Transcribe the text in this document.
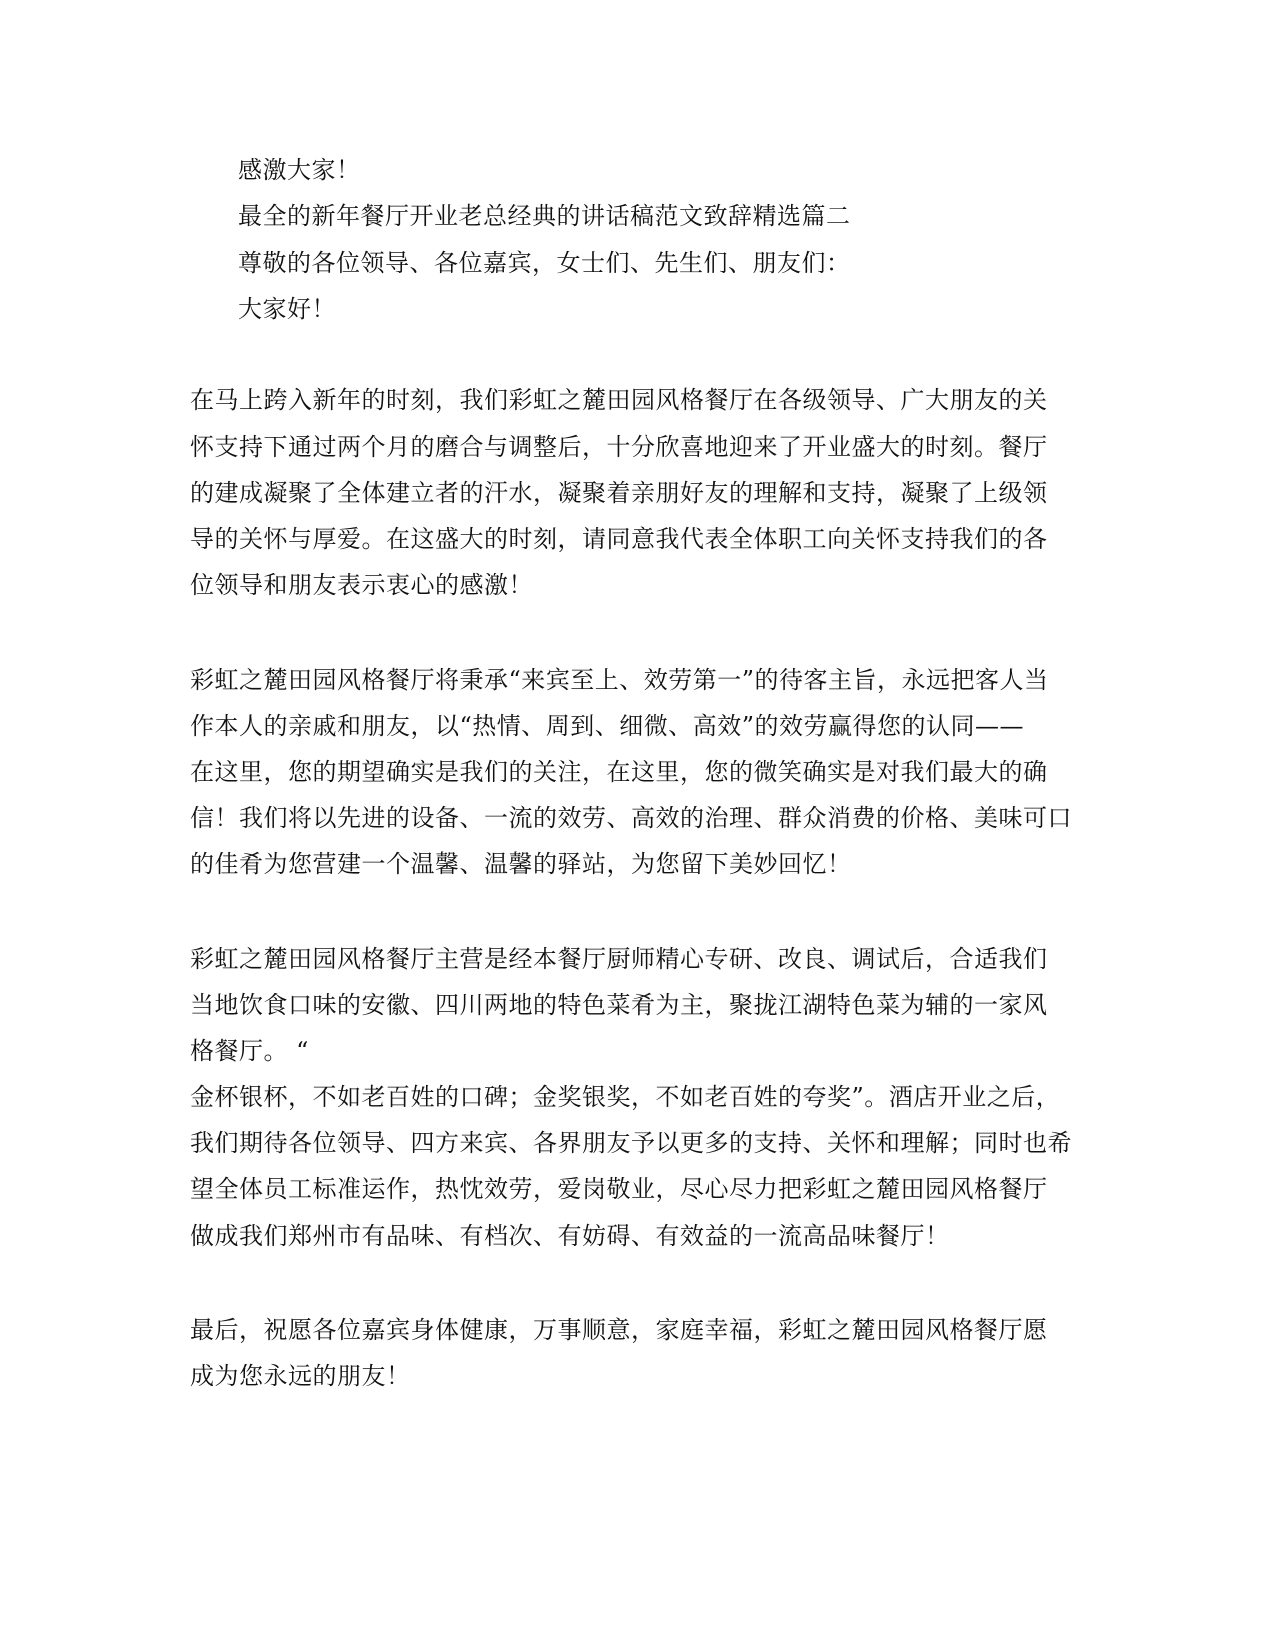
感激大家！
最全的新年餐厅开业老总经典的讲话稿范文致辞精选篇二
尊敬的各位领导、各位嘉宾，女士们、先生们、朋友们：
大家好！
在马上跨入新年的时刻，我们彩虹之麓田园风格餐厅在各级领导、广大朋友的关
怀支持下通过两个月的磨合与调整后，十分欣喜地迎来了开业盛大的时刻。餐厅
的建成凝聚了全体建立者的汗水，凝聚着亲朋好友的理解和支持，凝聚了上级领
导的关怀与厚爱。在这盛大的时刻，请同意我代表全体职工向关怀支持我们的各
位领导和朋友表示衷心的感激！
彩虹之麓田园风格餐厅将秉承“来宾至上、效劳第一”的待客主旨，永远把客人当
作本人的亲戚和朋友，以“热情、周到、细微、高效”的效劳赢得您的认同——
在这里，您的期望确实是我们的关注，在这里，您的微笑确实是对我们最大的确
信！我们将以先进的设备、一流的效劳、高效的治理、群众消费的价格、美味可口
的佳肴为您营建一个温馨、温馨的驿站，为您留下美妙回忆！
彩虹之麓田园风格餐厅主营是经本餐厅厨师精心专研、改良、调试后，合适我们
当地饮食口味的安徽、四川两地的特色菜肴为主，聚拢江湖特色菜为辅的一家风
格餐厅。 “
金杯银杯，不如老百姓的口碑；金奖银奖，不如老百姓的夸奖”。酒店开业之后，
我们期待各位领导、四方来宾、各界朋友予以更多的支持、关怀和理解；同时也希
望全体员工标准运作，热忱效劳，爱岗敬业，尽心尽力把彩虹之麓田园风格餐厅
做成我们郑州市有品味、有档次、有妨碍、有效益的一流高品味餐厅！
最后，祝愿各位嘉宾身体健康，万事顺意，家庭幸福，彩虹之麓田园风格餐厅愿
成为您永远的朋友！
